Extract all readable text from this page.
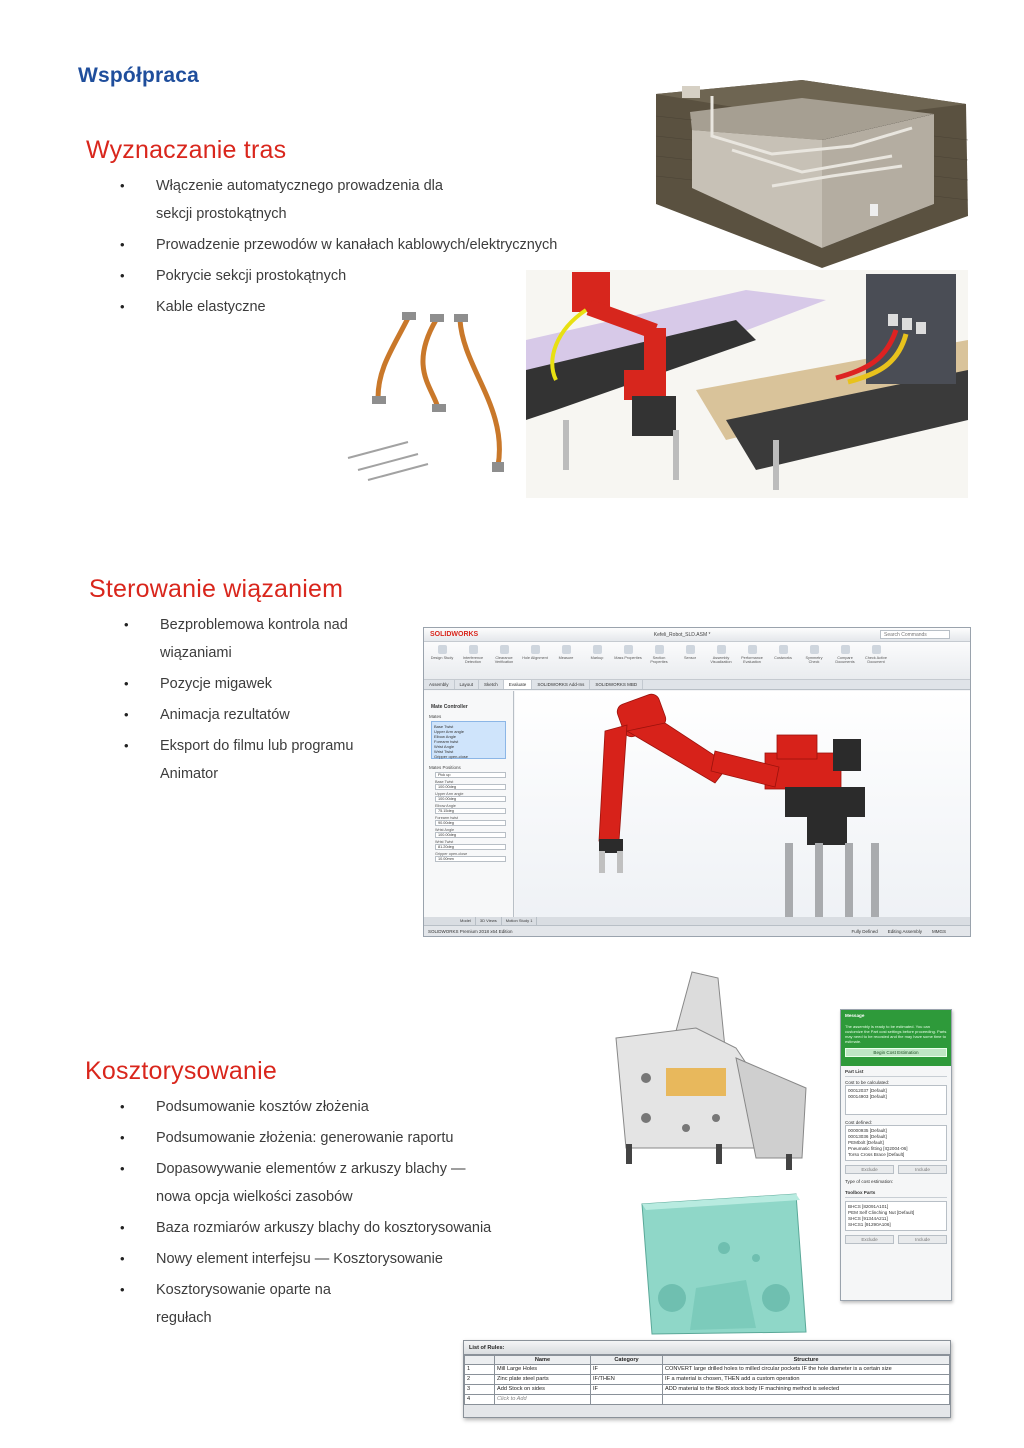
Współpraca
Wyznaczanie tras
• Włączenie automatycznego prowadzenia dla sekcji prostokątnych
• Prowadzenie przewodów w kanałach kablowych/elektrycznych
• Pokrycie sekcji prostokątnych
• Kable elastyczne
Sterowanie wiązaniem
• Bezproblemowa kontrola nad wiązaniami
• Pozycje migawek
• Animacja rezultatów
• Eksport do filmu lub programu Animator
SOLIDWORKS	Kefeli_Robot_SLD.ASM *	Search Commands
Design Study	Interference Detection
Clearance Verification
Hole Alignment	Measure	Markup	Mass Properties	Section Properties
Sensor	Assembly Visualization
Performance Evaluation
Costworks	Symmetry Check
Compare Documents
Check Active Document
Assembly	Layout	Sketch	Evaluate	SOLIDWORKS Add-Ins	SOLIDWORKS MBD
Mate Controller
Mates
Base Twist
Upper Arm angle
Elbow Angle
Forearm twist
Wrist Angle
Wrist Twist
Gripper open-close
Mates Positions
Pick up
Base Twist
100.00deg
Upper Arm angle
100.00deg
Elbow Angle
75.15deg
Forearm twist
90.00deg
Wrist Angle
100.00deg
Wrist Twist
81.20deg
Gripper open-close
10.00mm
Model	3D Views	Motion Study 1
SOLIDWORKS Premium 2018 x64 Edition	Fully Defined Editing Assembly MMGS
Kosztorysowanie
• Podsumowanie kosztów złożenia
• Podsumowanie złożenia: generowanie raportu
• Dopasowywanie elementów z arkuszy blachy — nowa opcja wielkości zasobów
• Baza rozmiarów arkuszy blachy do kosztorysowania
• Nowy element interfejsu — Kosztorysowanie
• Kosztorysowanie oparte na regułach
Message
The assembly is ready to be estimated. You can customize the Part cost settings before proceeding. Parts may need to be recosted and the may have some time to estimate.
Begin Cost Estimation
Part List
Cost to be calculated:
00012037 [Default]
00014903 [Default]
Cost defined:
00000935 [Default]
00013036 [Default]
PEMbolt [Default]
Pneumatic fitting [IQ2004-06]
Torso Cross Brace [Default]
Exclude	Include
Type of cost estimation:
Toolbox Parts
BHCS [82091A101]
PEM Self Clinching Nut [Default]
SHCS [91344A211]
SHCS1 [91290A106]
Exclude	Include
List of Rules:
	Name	Category	Structure
1	Mill Large Holes	IF	CONVERT large drilled holes to milled circular pockets IF the hole diameter is a certain size
2	Zinc plate steel parts	IF/THEN	IF a material is chosen, THEN add a custom operation
3	Add Stock on sides	IF	ADD material to the Block stock body IF machining method is selected
4	Click to Add		
